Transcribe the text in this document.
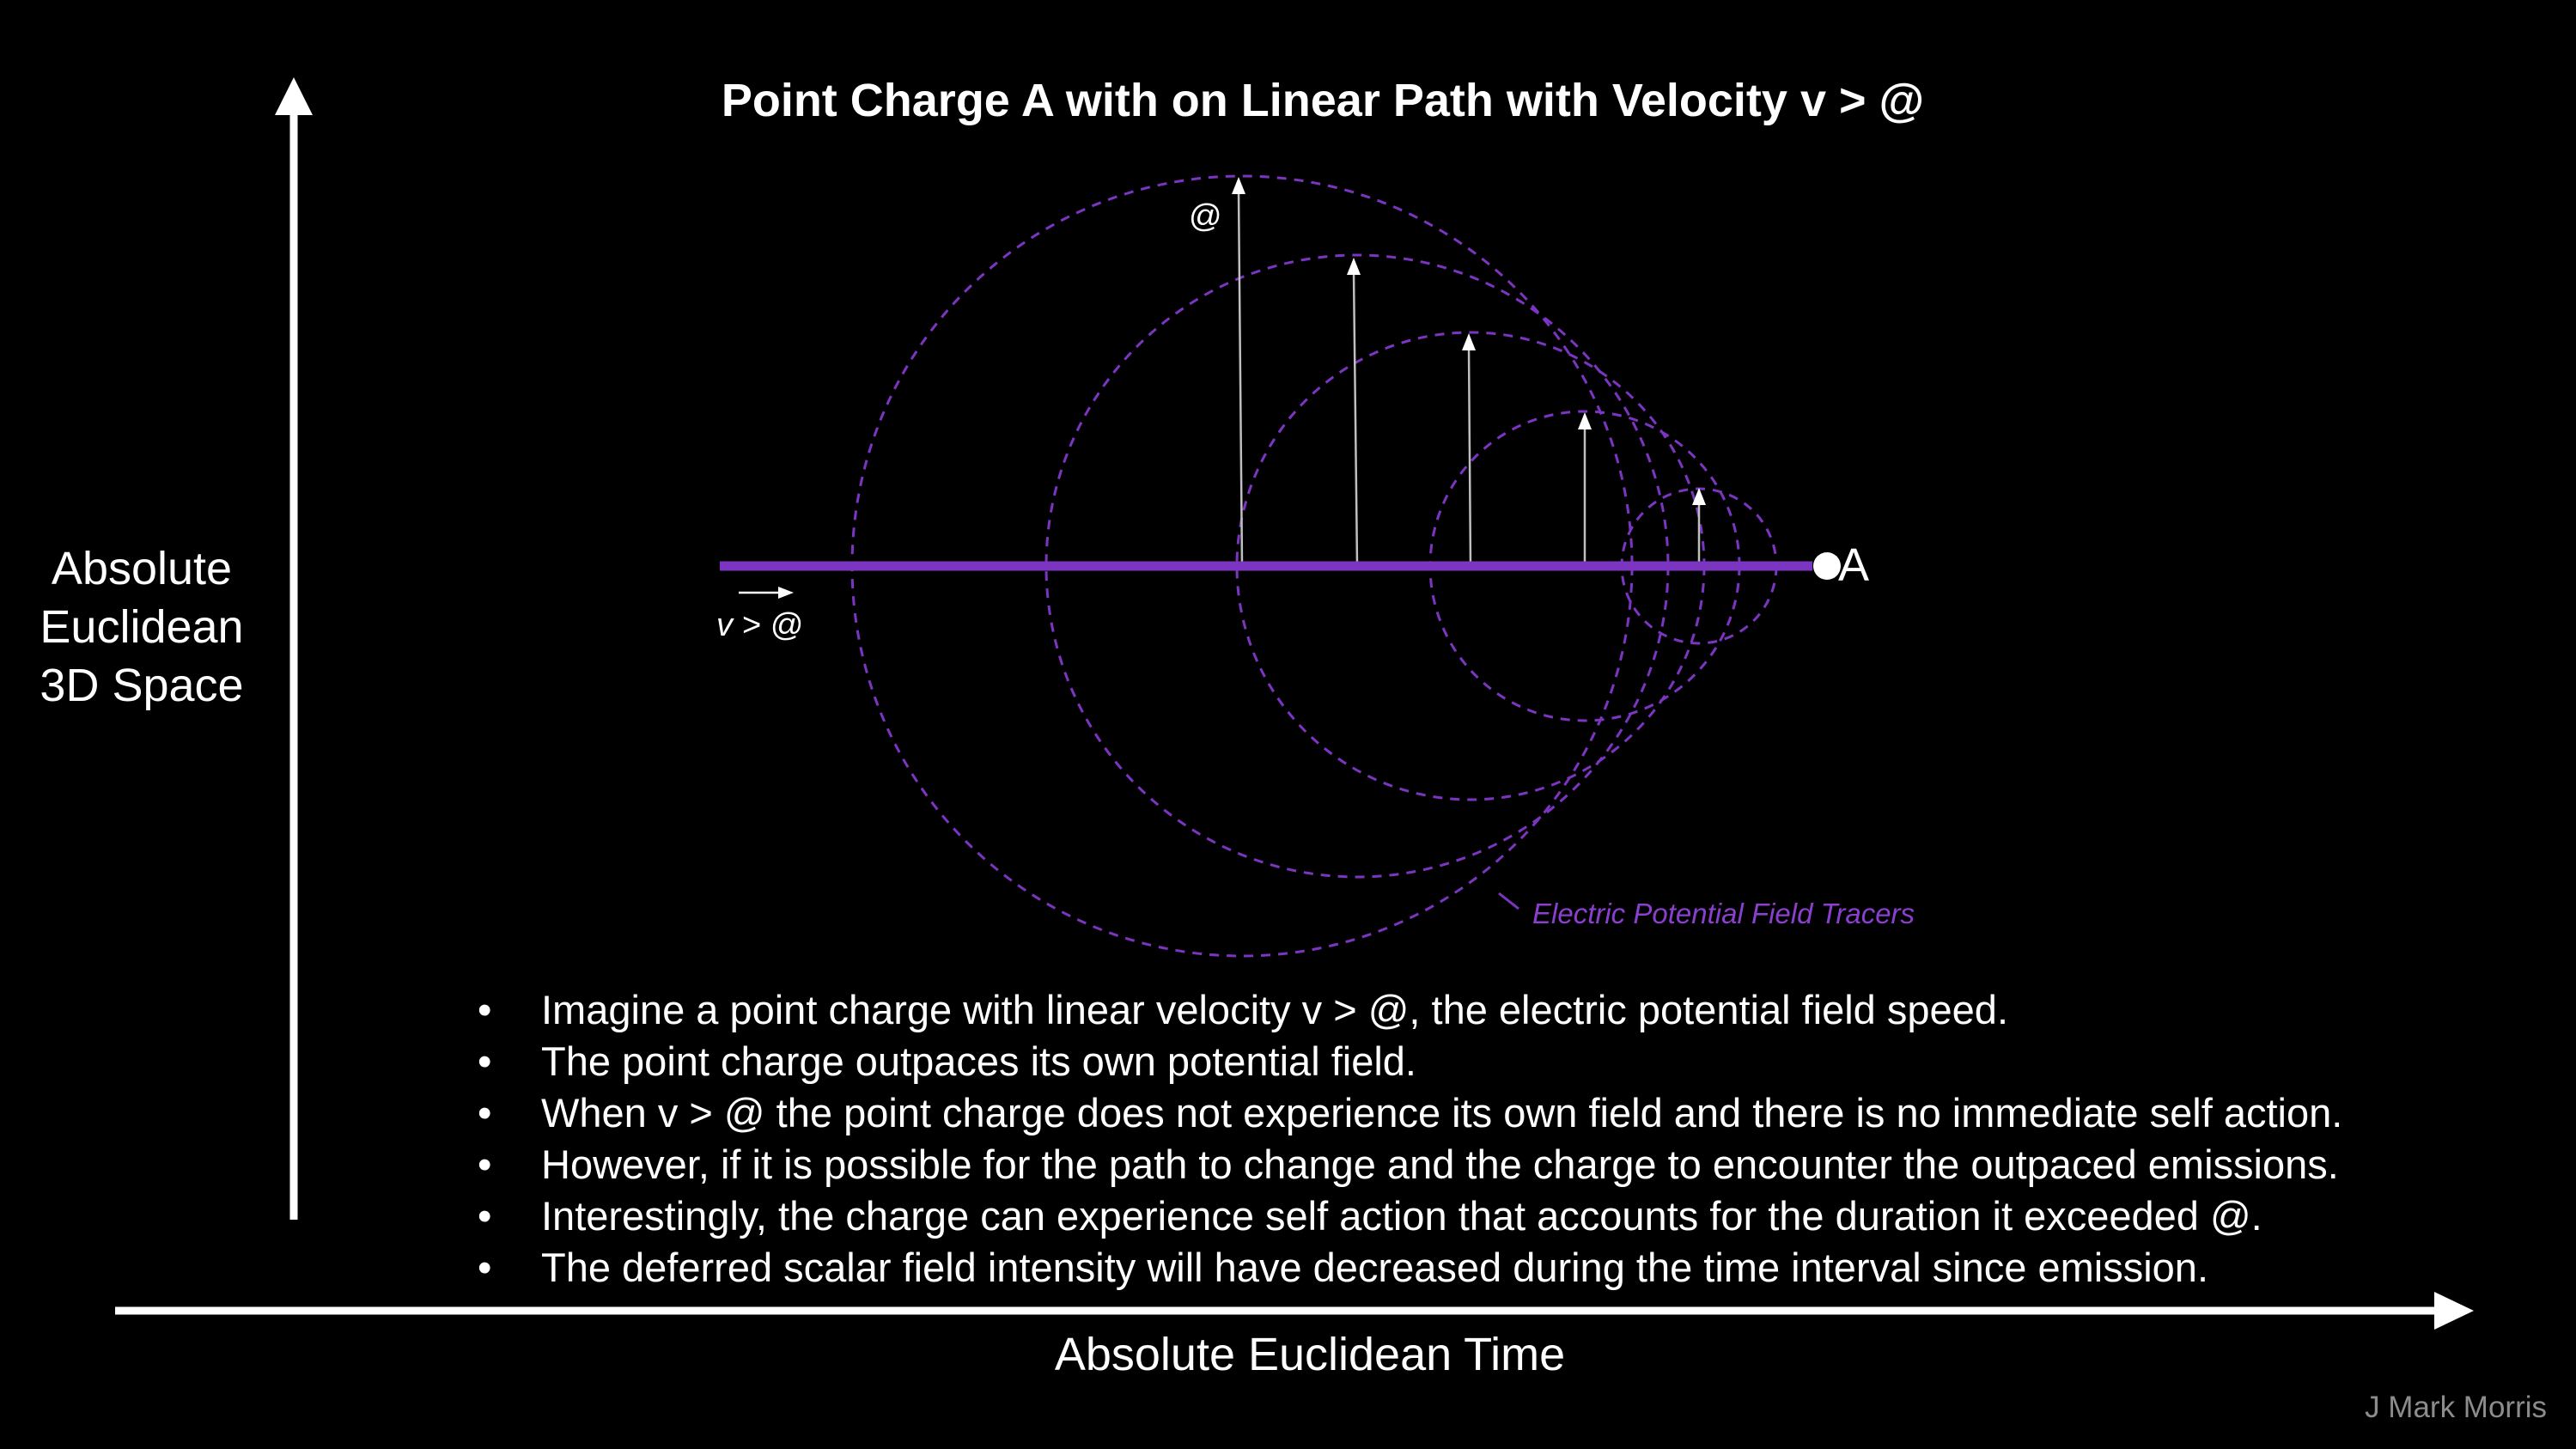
Point Charge A with on Linear Path with Velocity v > @
Absolute
Euclidean
3D Space
Absolute Euclidean Time
A
v > @
@
Electric Potential Field Tracers
• Imagine a point charge with linear velocity v > @, the electric potential field speed.
• The point charge outpaces its own potential field.
• When v > @ the point charge does not experience its own field and there is no immediate self action.
• However, if it is possible for the path to change and the charge to encounter the outpaced emissions.
• Interestingly, the charge can experience self action that accounts for the duration it exceeded @.
• The deferred scalar field intensity will have decreased during the time interval since emission.
J Mark Morris
